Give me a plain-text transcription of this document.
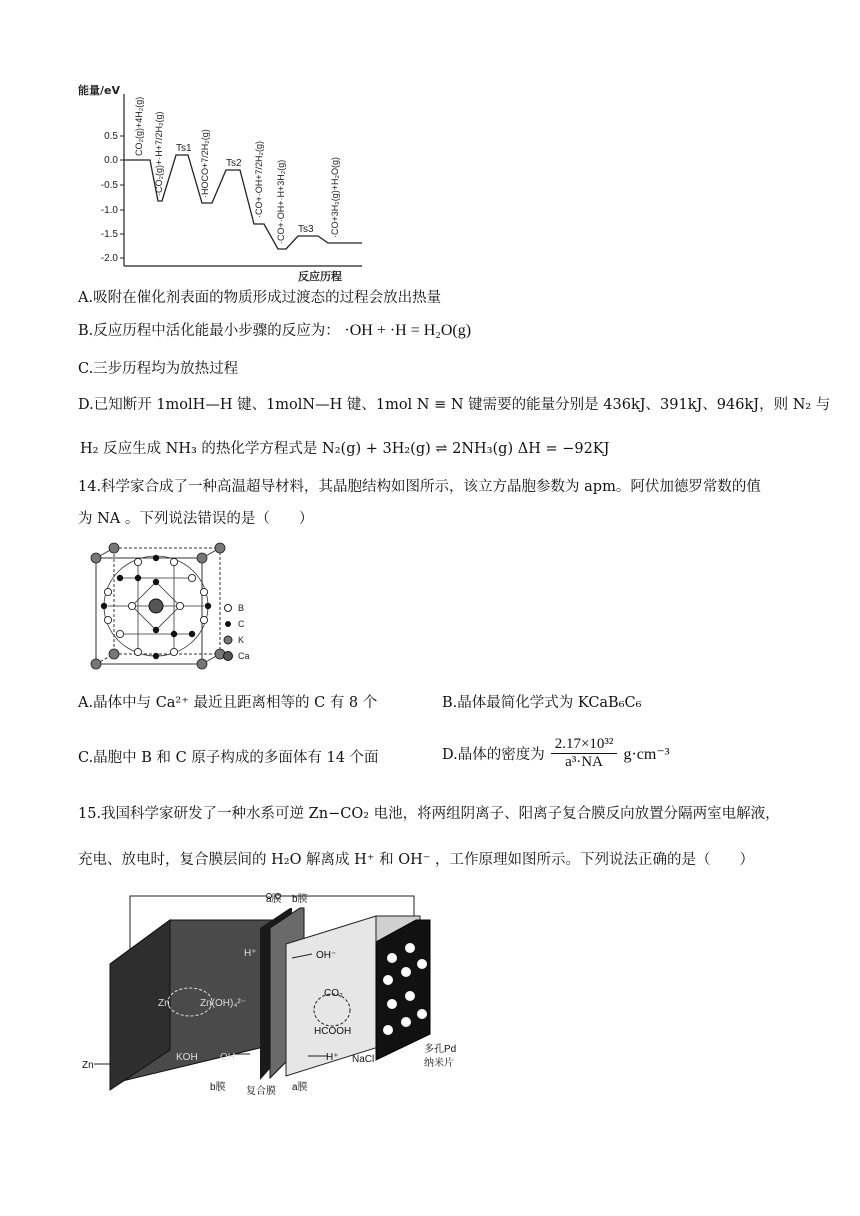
0.5
0.0
-0.5
-1.0
-1.5
-2.0
能量/eV
反应历程
Ts1
Ts2
Ts3
CO₂(g)+4H₂(g) ·CO₂(g)+·H+7/2H₂(g)	·HOCO+7/2H₂(g)	·CO+·OH+7/2H₂(g) ·CO+·OH+·H+3H₂(g)	·CO+3H₂(g)+H₂O(g)
A.吸附在催化剂表面的物质形成过渡态的过程会放出热量
B.反应历程中活化能最小步骤的反应为： ·OH + ·H = H₂O(g)
C.三步历程均为放热过程
D.已知断开 1molH—H 键、1molN—H 键、1mol N ≡ N 键需要的能量分别是 436kJ、391kJ、946kJ，则 N₂ 与
H₂ 反应生成 NH₃ 的热化学方程式是 N₂(g) + 3H₂(g) ⇌ 2NH₃(g) ΔH = −92KJ
14.科学家合成了一种高温超导材料，其晶胞结构如图所示，该立方晶胞参数为 apm。阿伏加德罗常数的值
为 NA 。下列说法错误的是（　　）
B
C
K
Ca
A.晶体中与 Ca²⁺ 最近且距离相等的 C 有 8 个	B.晶体最简化学式为 KCaB₆C₆
C.晶胞中 B 和 C 原子构成的多面体有 14 个面	D.晶体的密度为 $\frac{\text{2.17×10³²}}{\text{a³·NA}} g\cdot cm^{-3}$
15.我国科学家研发了一种水系可逆 Zn−CO₂ 电池，将两组阴离子、阳离子复合膜反向放置分隔两室电解液，
充电、放电时，复合膜层间的 H₂O 解离成 H⁺ 和 OH⁻ ，工作原理如图所示。下列说法正确的是（　　）
a膜 b膜
H⁺	OH⁻
CO₂
HCOOH
Zn	Zn(OH)₄²⁻
KOH OH⁻	H⁺ NaCl
Zn
多孔Pd
纳米片
b膜 复合膜 a膜
